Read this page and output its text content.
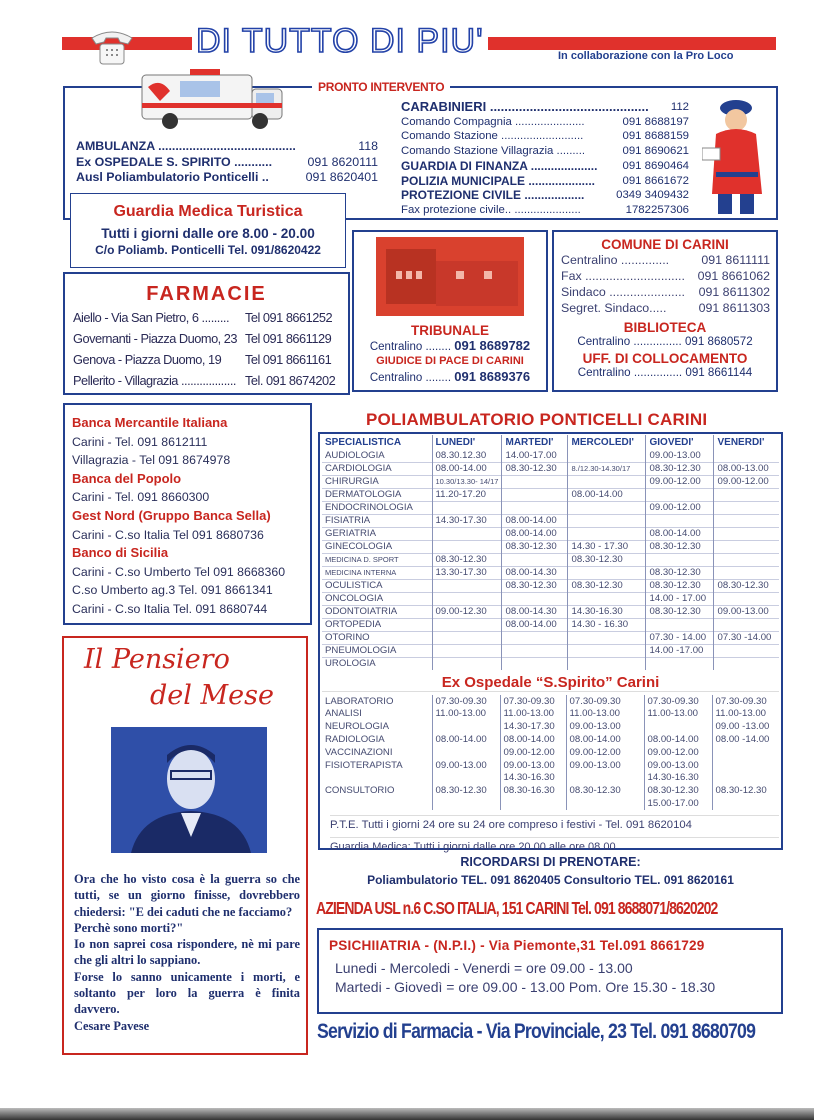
DI TUTTO DI PIU'	In collaborazione con la Pro Loco
PRONTO INTERVENTO
AMBULANZA ........................................	118
Ex OSPEDALE S. SPIRITO ...........	091 8620111
Ausl Poliambulatorio Ponticelli ..	091 8620401
CARABINIERI ............................................ 112
Comando Compagnia ......................	091 8688197
Comando Stazione ..........................	091 8688159
Comando Stazione Villagrazia .........	091 8690621
GUARDIA DI FINANZA .................... 091 8690464
POLIZIA MUNICIPALE .................... 091 8661672
PROTEZIONE CIVILE ..................	0349 3409432
Fax protezione civile.. .....................	1782257306
Guardia Medica Turistica
Tutti i giorni dalle ore 8.00 - 20.00
C/o Poliamb. Ponticelli Tel. 091/8620422
FARMACIE
Aiello - Via San Pietro, 6 .........	Tel 091 8661252
Governanti - Piazza Duomo, 23 Tel 091 8661129
Genova - Piazza Duomo, 19	Tel 091 8661161
Pellerito - Villagrazia .................. Tel. 091 8674202
TRIBUNALE
Centralino ........ 091 8689782
GIUDICE DI PACE DI CARINI
Centralino ........ 091 8689376
COMUNE DI CARINI
Centralino ..............	091 8611111
Fax ............................. 091 8661062
Sindaco ...................... 091 8611302
Segret. Sindaco.....	091 8611303
BIBLIOTECA
Centralino ............... 091 8680572
UFF. DI COLLOCAMENTO
Centralino ............... 091 8661144
Banca Mercantile Italiana
Carini - Tel. 091 8612111
Villagrazia - Tel 091 8674978
Banca del Popolo
Carini - Tel. 091 8660300
Gest Nord (Gruppo Banca Sella)
Carini - C.so Italia Tel 091 8680736
Banco di Sicilia
Carini - C.so Umberto Tel 091 8668360
C.so Umberto ag.3 Tel. 091 8661341
Carini - C.so Italia Tel. 091 8680744
Il Pensiero
del Mese
Ora che ho visto cosa è la guerra so che tutti, se un giorno finisse, dovrebbero chiedersi: "E dei caduti che ne facciamo?
Perchè sono morti?"
Io non saprei cosa rispondere, nè mi pare che gli altri lo sappiano.
Forse lo sanno unicamente i morti, e soltanto per loro la guerra è finita davvero.
Cesare Pavese
POLIAMBULATORIO PONTICELLI CARINI
SPECIALISTICA	LUNEDI'	MARTEDI'	MERCOLEDI'	GIOVEDI'	VENERDI'
AUDIOLOGIA	08.30.12.30	14.00-17.00		09.00-13.00	
CARDIOLOGIA	08.00-14.00	08.30-12.30	8./12.30-14.30/17	08.30-12.30	08.00-13.00
CHIRURGIA	10.30/13.30- 14/17			09.00-12.00	09.00-12.00
DERMATOLOGIA	11.20-17.20		08.00-14.00		
ENDOCRINOLOGIA				09.00-12.00	
FISIATRIA	14.30-17.30	08.00-14.00			
GERIATRIA		08.00-14.00		08.00-14.00	
GINECOLOGIA		08.30-12.30	14.30 - 17.30	08.30-12.30	
MEDICINA D. SPORT	08.30-12.30		08.30-12.30		
MEDICINA INTERNA	13.30-17.30	08.00-14.30		08.30-12.30	
OCULISTICA		08.30-12.30	08.30-12.30	08.30-12.30	08.30-12.30
ONCOLOGIA				14.00 - 17.00	
ODONTOIATRIA	09.00-12.30	08.00-14.30	14.30-16.30	08.30-12.30	09.00-13.00
ORTOPEDIA		08.00-14.00	14.30 - 16.30		
OTORINO				07.30 - 14.00	07.30 -14.00
PNEUMOLOGIA				14.00 -17.00	
UROLOGIA					
Ex Ospedale “S.Spirito” Carini
LABORATORIO	07.30-09.30	07.30-09.30	07.30-09.30	07.30-09.30	07.30-09.30
ANALISI	11.00-13.00	11.00-13.00	11.00-13.00	11.00-13.00	11.00-13.00
NEUROLOGIA		14.30-17.30	09.00-13.00		09.00 -13.00
RADIOLOGIA	08.00-14.00	08.00-14.00	08.00-14.00	08.00-14.00	08.00 -14.00
VACCINAZIONI		09.00-12.00	09.00-12.00	09.00-12.00	
FISIOTERAPISTA	09.00-13.00	09.00-13.00	09.00-13.00	09.00-13.00	
		14.30-16.30		14.30-16.30	
CONSULTORIO	08.30-12.30	08.30-16.30	08.30-12.30	08.30-12.30	08.30-12.30
				15.00-17.00	
P.T.E. Tutti i giorni 24 ore su 24 ore compreso i festivi - Tel. 091 8620104
Guardia Medica: Tutti i giorni dalle ore 20.00 alle ore 08.00
RICORDARSI DI PRENOTARE:
Poliambulatorio TEL. 091 8620405 Consultorio TEL. 091 8620161
AZIENDA USL n.6 C.SO ITALIA, 151 CARINI Tel. 091 8688071/8620202
PSICHIIATRIA - (N.P.I.) - Via Piemonte,31 Tel.091 8661729
Lunedi - Mercoledi - Venerdi = ore 09.00 - 13.00
Martedi - Giovedì = ore 09.00 - 13.00 Pom. Ore 15.30 - 18.30
Servizio di Farmacia - Via Provinciale, 23 Tel. 091 8680709
